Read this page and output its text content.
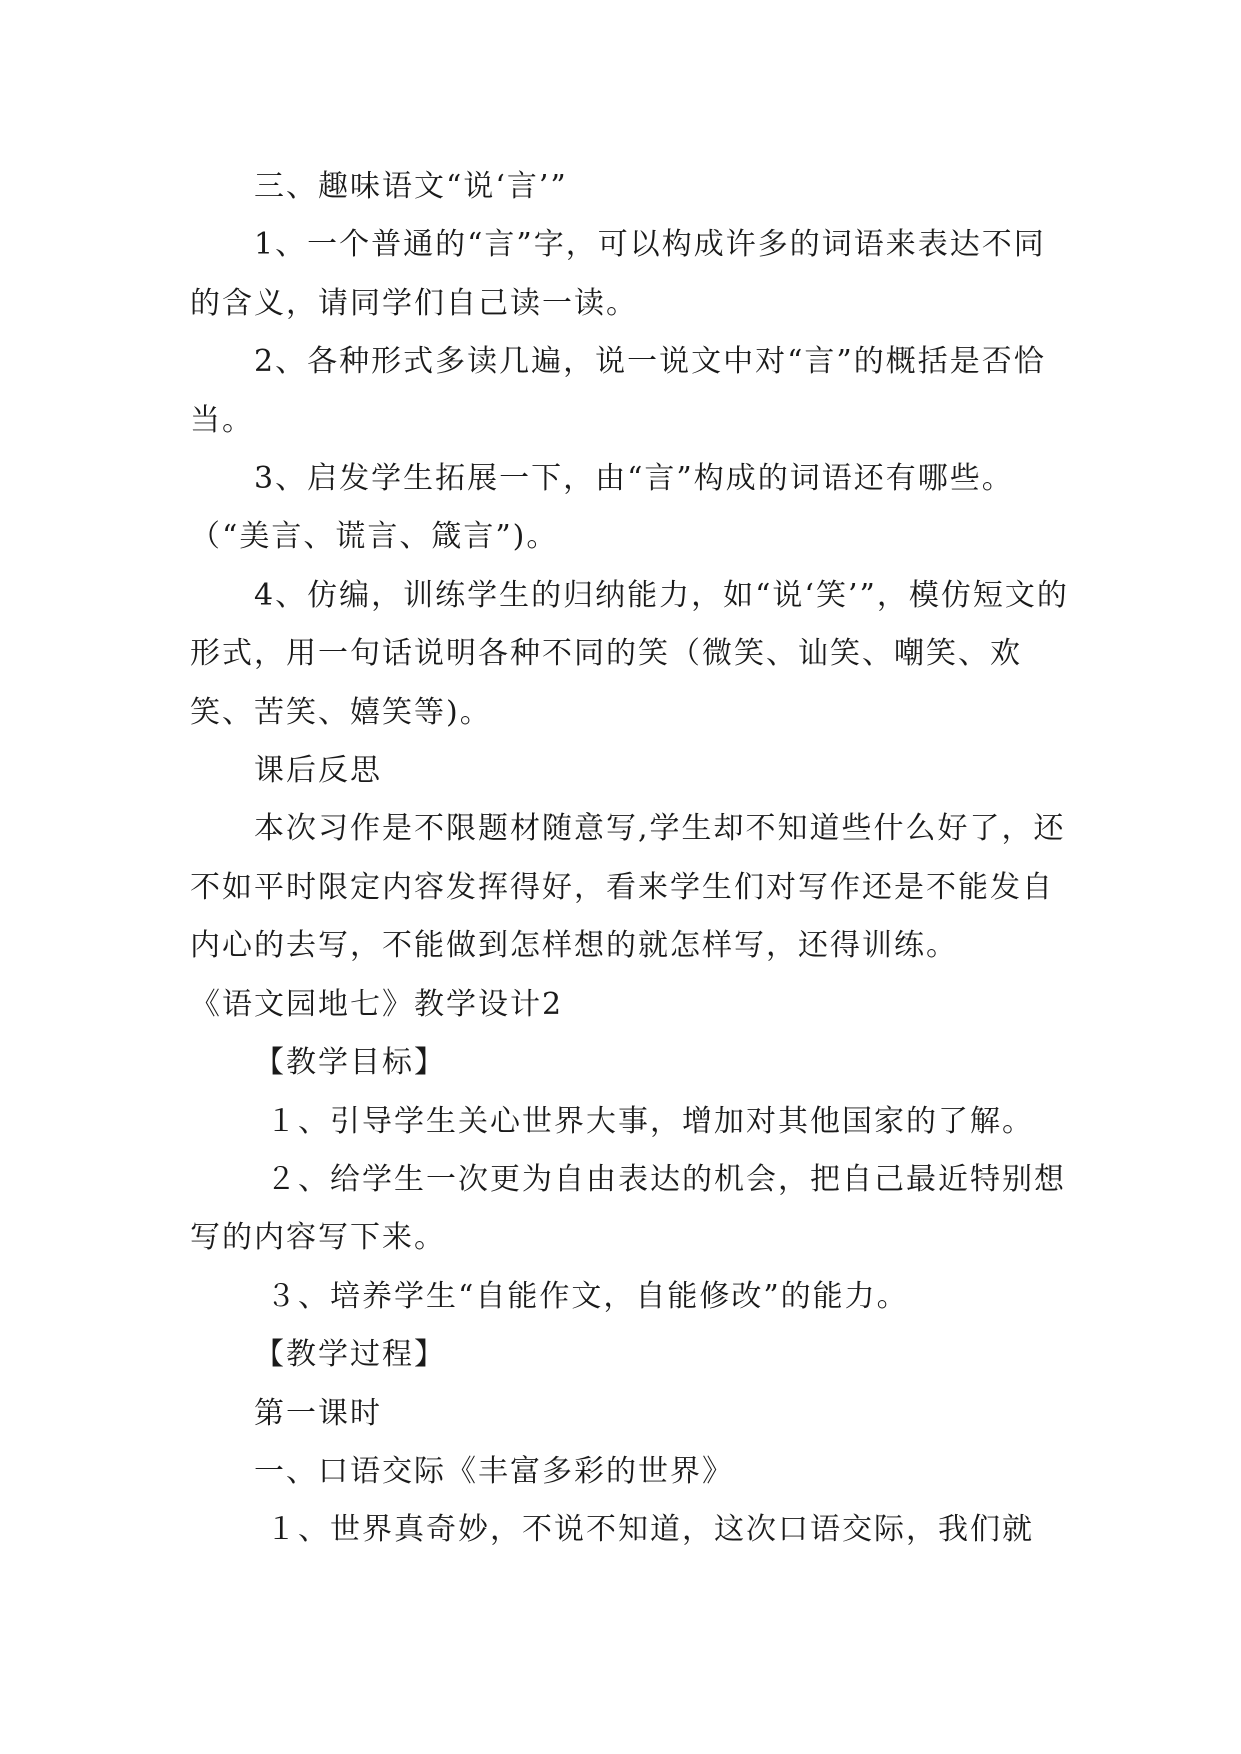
三、趣味语文“说‘言’”

1、一个普通的“言”字，可以构成许多的词语来表达不同的含义，请同学们自己读一读。

2、各种形式多读几遍，说一说文中对“言”的概括是否恰当。

3、启发学生拓展一下，由“言”构成的词语还有哪些。（“美言、谎言、箴言”)。

4、仿编，训练学生的归纳能力，如“说‘笑’”，模仿短文的形式，用一句话说明各种不同的笑（微笑、讪笑、嘲笑、欢笑、苦笑、嬉笑等)。

课后反思

本次习作是不限题材随意写,学生却不知道些什么好了，还不如平时限定内容发挥得好，看来学生们对写作还是不能发自内心的去写，不能做到怎样想的就怎样写，还得训练。

《语文园地七》教学设计2

【教学目标】

１、引导学生关心世界大事，增加对其他国家的了解。

２、给学生一次更为自由表达的机会，把自己最近特别想写的内容写下来。

３、培养学生“自能作文，自能修改”的能力。

【教学过程】

第一课时

一、口语交际《丰富多彩的世界》

１、世界真奇妙，不说不知道，这次口语交际，我们就
